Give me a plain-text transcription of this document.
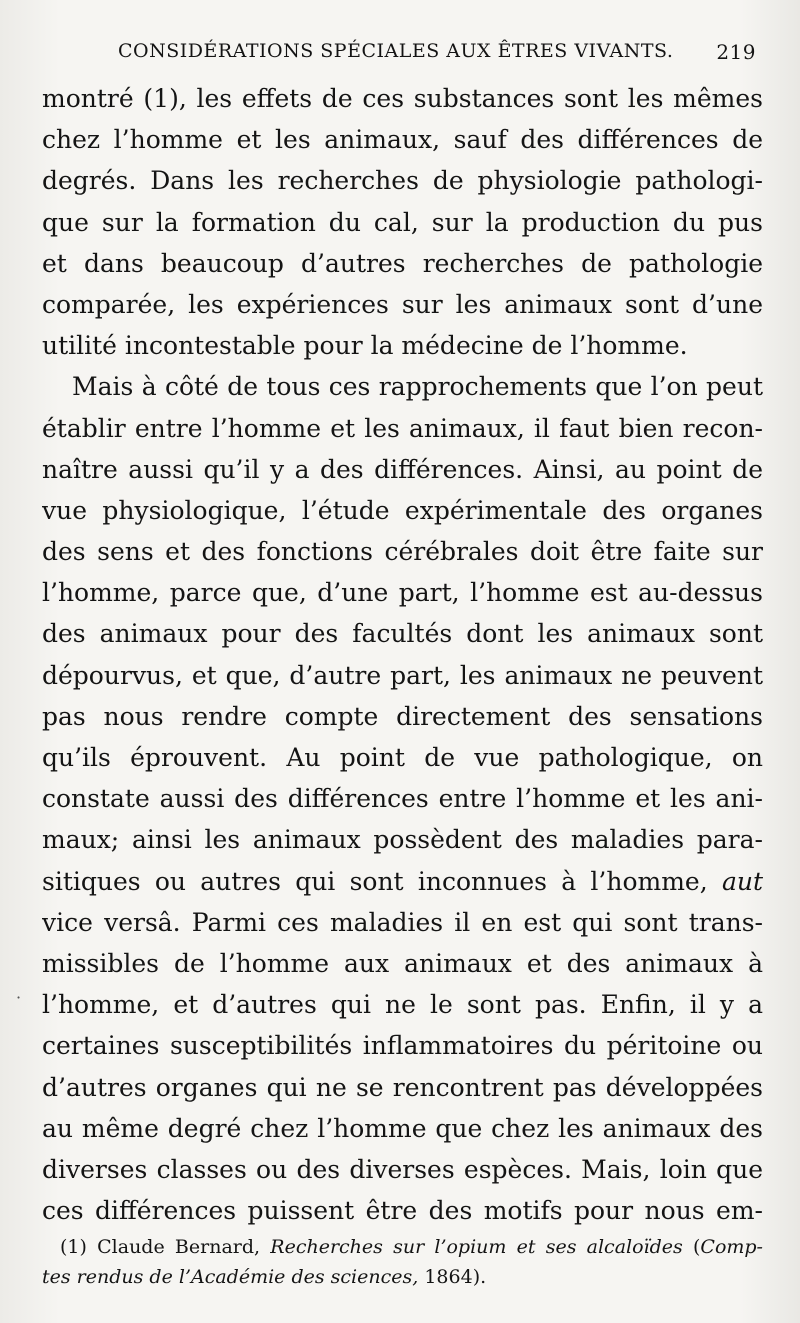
CONSIDÉRATIONS SPÉCIALES AUX ÊTRES VIVANTS. 219
montré (1), les effets de ces substances sont les mêmes
chez l’homme et les animaux, sauf des différences de
degrés. Dans les recherches de physiologie pathologi-
que sur la formation du cal, sur la production du pus
et dans beaucoup d’autres recherches de pathologie
comparée, les expériences sur les animaux sont d’une
utilité incontestable pour la médecine de l’homme.
Mais à côté de tous ces rapprochements que l’on peut
établir entre l’homme et les animaux, il faut bien recon-
naître aussi qu’il y a des différences. Ainsi, au point de
vue physiologique, l’étude expérimentale des organes
des sens et des fonctions cérébrales doit être faite sur
l’homme, parce que, d’une part, l’homme est au-dessus
des animaux pour des facultés dont les animaux sont
dépourvus, et que, d’autre part, les animaux ne peuvent
pas nous rendre compte directement des sensations
qu’ils éprouvent. Au point de vue pathologique, on
constate aussi des différences entre l’homme et les ani-
maux; ainsi les animaux possèdent des maladies para-
sitiques ou autres qui sont inconnues à l’homme, aut
vice versâ. Parmi ces maladies il en est qui sont trans-
missibles de l’homme aux animaux et des animaux à
l’homme, et d’autres qui ne le sont pas. Enfin, il y a
certaines susceptibilités inflammatoires du péritoine ou
d’autres organes qui ne se rencontrent pas développées
au même degré chez l’homme que chez les animaux des
diverses classes ou des diverses espèces. Mais, loin que
ces différences puissent être des motifs pour nous em-
·
(1) Claude Bernard, Recherches sur l’opium et ses alcaloïdes (Comp-
tes rendus de l’Académie des sciences, 1864).
